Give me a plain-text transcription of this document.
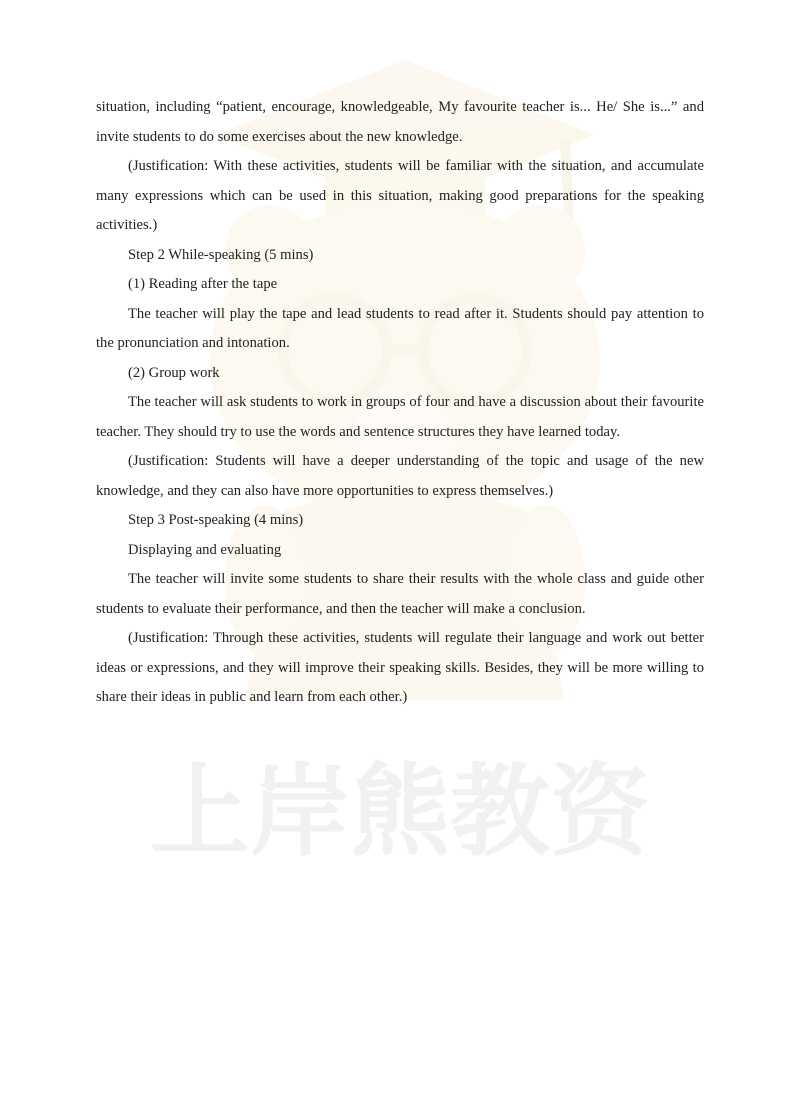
上岸熊教资

situation, including “patient, encourage, knowledgeable, My favourite teacher is... He/ She is...” and invite students to do some exercises about the new knowledge.

(Justification: With these activities, students will be familiar with the situation, and accumulate many expressions which can be used in this situation, making good preparations for the speaking activities.)

Step 2 While-speaking (5 mins)

(1) Reading after the tape

The teacher will play the tape and lead students to read after it. Students should pay attention to the pronunciation and intonation.

(2) Group work

The teacher will ask students to work in groups of four and have a discussion about their favourite teacher. They should try to use the words and sentence structures they have learned today.

(Justification: Students will have a deeper understanding of the topic and usage of the new knowledge, and they can also have more opportunities to express themselves.)

Step 3 Post-speaking (4 mins)

Displaying and evaluating

The teacher will invite some students to share their results with the whole class and guide other students to evaluate their performance, and then the teacher will make a conclusion.

(Justification: Through these activities, students will regulate their language and work out better ideas or expressions, and they will improve their speaking skills. Besides, they will be more willing to share their ideas in public and learn from each other.)
